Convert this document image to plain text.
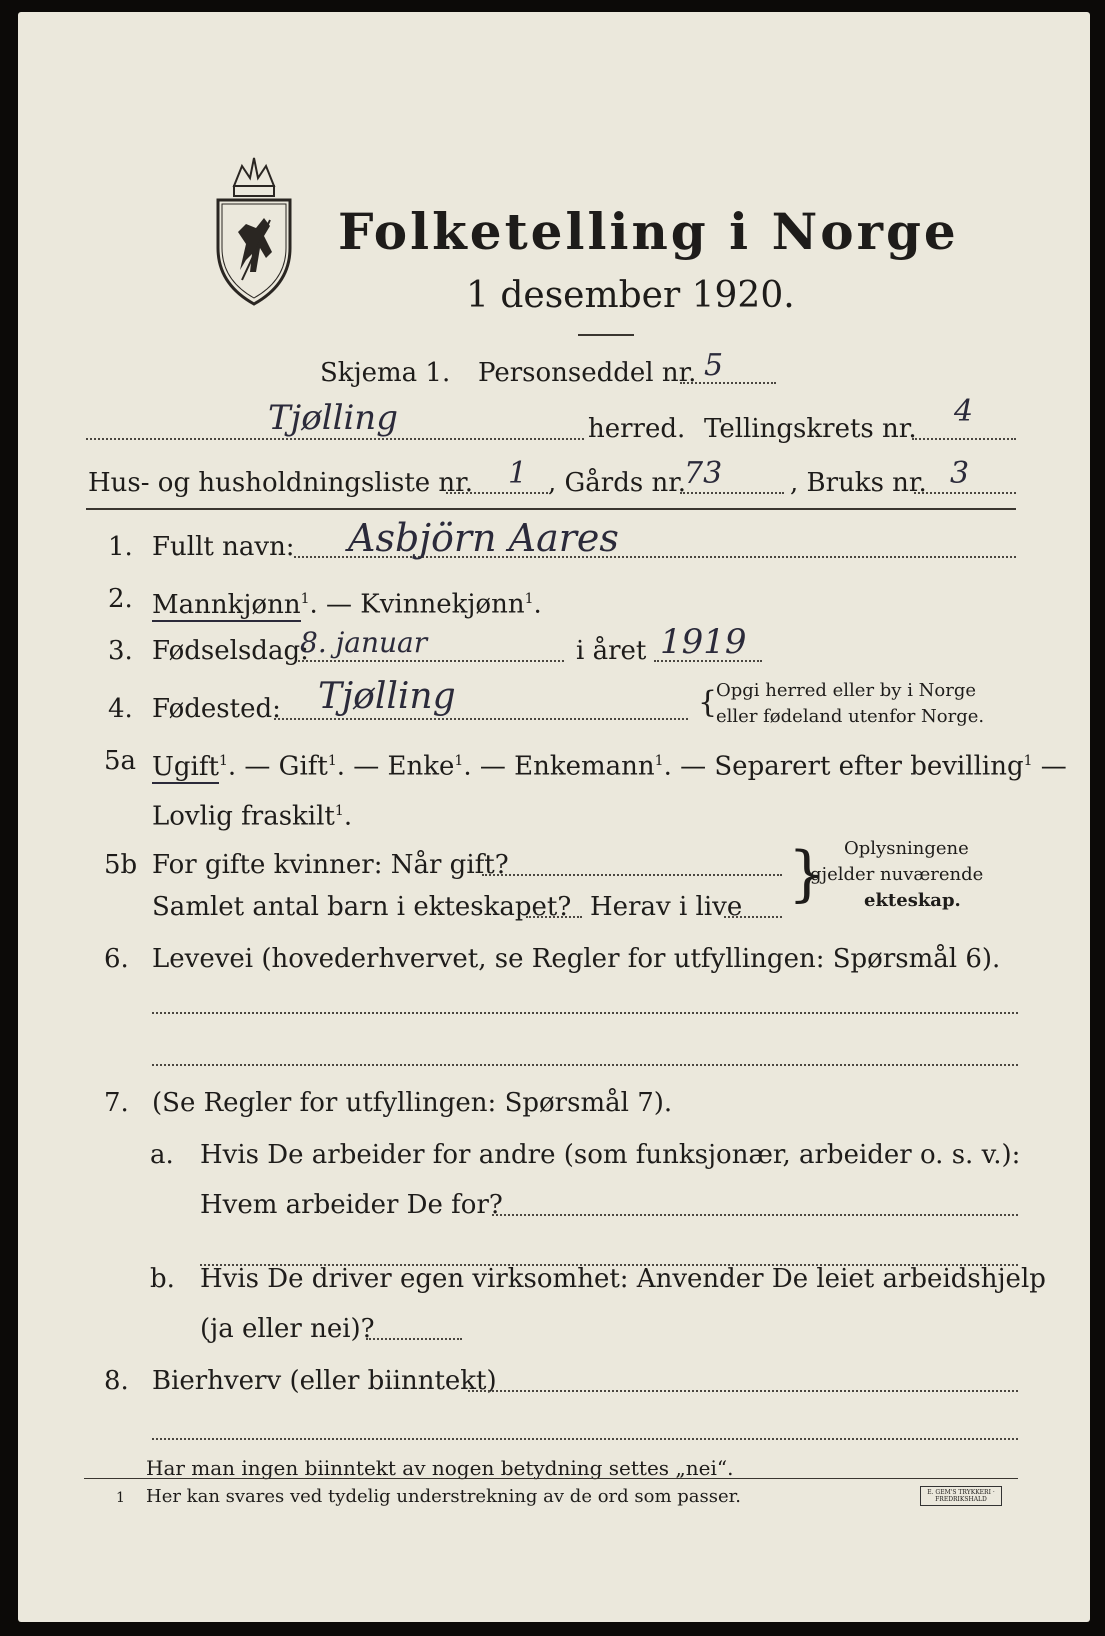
Folketelling i Norge
1 desember 1920.
Skjema 1. Personseddel nr. 5
Tjølling	herred. Tellingskrets nr. 4
Hus- og husholdningsliste nr. 1 , Gårds nr.
73	, Bruks nr. 3
1. Fullt navn: Asbjörn Aares
2. Mannkjønn$^1$. — Kvinnekjønn$^1$.
3. Fødselsdag:
8. januar	i året 1919
4. Fødested: Tjølling	{
Opgi herred eller by i Norge
eller fødeland utenfor Norge.
5a Ugift$^1$. — Gift$^1$. — Enke$^1$. — Enkemann$^1$. — Separert efter bevilling$^1$ —
Lovlig fraskilt$^1$.
5b For gifte kvinner: Når gift?
Samlet antal barn i ekteskapet? Herav i live } Oplysningene
gjelder nuværende
ekteskap.
6. Levevei (hovederhvervet, se Regler for utfyllingen: Spørsmål 6).
7. (Se Regler for utfyllingen: Spørsmål 7).
a. Hvis De arbeider for andre (som funksjonær, arbeider o. s. v.):
Hvem arbeider De for?
b. Hvis De driver egen virksomhet: Anvender De leiet arbeidshjelp
(ja eller nei)?
8. Bierhverv (eller biinntekt)
Har man ingen biinntekt av nogen betydning settes „nei“.
1 Her kan svares ved tydelig understrekning av de ord som passer.	E. GEM'S TRYKKERI · FREDRIKSHALD
